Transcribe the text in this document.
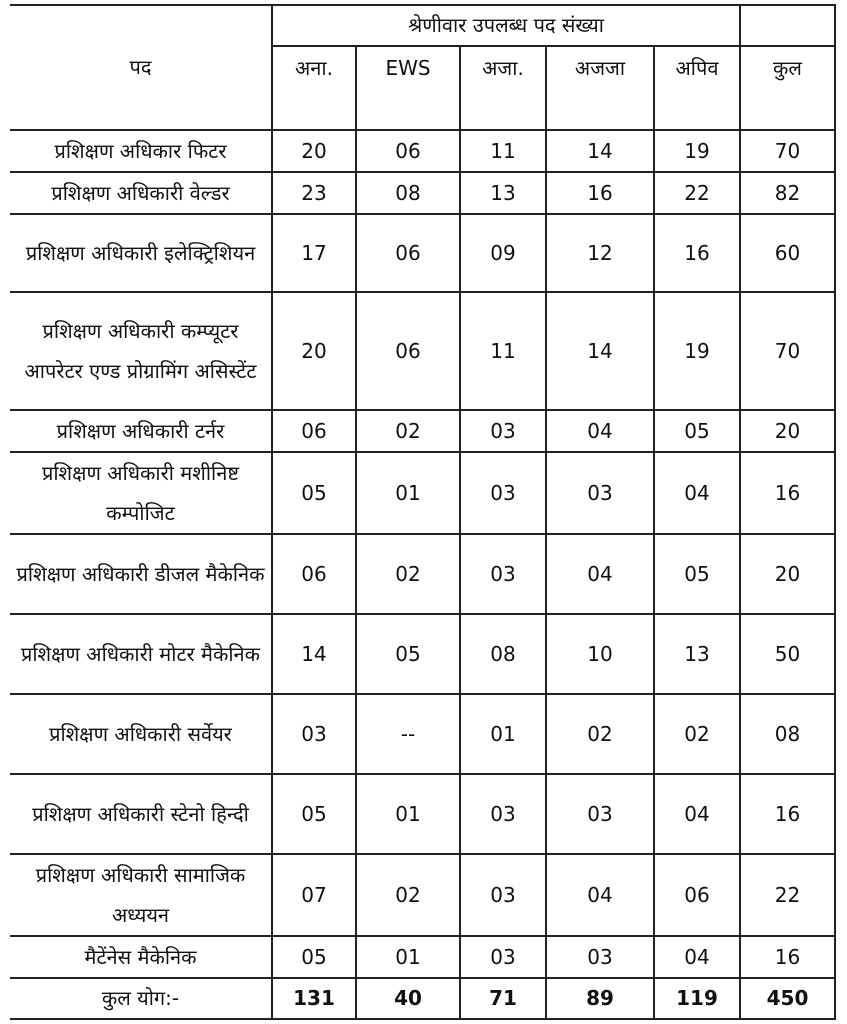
पद	श्रेणीवार उपलब्ध पद संख्या					
	अना.	EWS	अजा.	अजजा	अपिव	कुल
प्रशिक्षण अधिकार फिटर	20	06	11	14	19	70
प्रशिक्षण अधिकारी वेल्डर	23	08	13	16	22	82
प्रशिक्षण अधिकारी इलेक्ट्रिशियन	17	06	09	12	16	60
प्रशिक्षण अधिकारी कम्प्यूटर आपरेटर एण्ड प्रोग्रामिंग असिस्टेंट	20	06	11	14	19	70
प्रशिक्षण अधिकारी टर्नर	06	02	03	04	05	20
प्रशिक्षण अधिकारी मशीनिष्ट कम्पोजिट	05	01	03	03	04	16
प्रशिक्षण अधिकारी डीजल मैकेनिक	06	02	03	04	05	20
प्रशिक्षण अधिकारी मोटर मैकेनिक	14	05	08	10	13	50
प्रशिक्षण अधिकारी सर्वेयर	03	--	01	02	02	08
प्रशिक्षण अधिकारी स्टेनो हिन्दी	05	01	03	03	04	16
प्रशिक्षण अधिकारी सामाजिक अध्ययन	07	02	03	04	06	22
मैटेंनेस मैकेनिक	05	01	03	03	04	16
कुल योग:-	131	40	71	89	119	450
